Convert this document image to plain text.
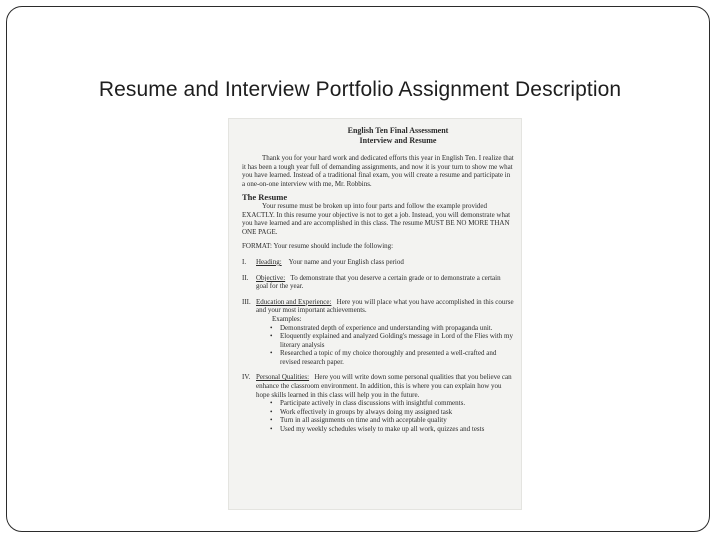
Resume and Interview Portfolio Assignment Description
English Ten Final Assessment
Interview and Resume

Thank you for your hard work and dedicated efforts this year in English Ten. I realize that it has been a tough year full of demanding assignments, and now it is your turn to show me what you have learned. Instead of a traditional final exam, you will create a resume and participate in a one-on-one interview with me, Mr. Robbins.

The Resume

Your resume must be broken up into four parts and follow the example provided EXACTLY. In this resume your objective is not to get a job. Instead, you will demonstrate what you have learned and are accomplished in this class. The resume MUST BE NO MORE THAN ONE PAGE.

FORMAT: Your resume should include the following:
I.	Heading: Your name and your English class period
II.	Objective: To demonstrate that you deserve a certain grade or to demonstrate a certain goal for the year.
III. Education and Experience: Here you will place what you have accomplished in this course and your most important achievements.
Examples:
• Demonstrated depth of experience and understanding with propaganda unit.
• Eloquently explained and analyzed Golding's message in Lord of the Flies with my literary analysis
• Researched a topic of my choice thoroughly and presented a well-crafted and revised research paper.
IV. Personal Qualities: Here you will write down some personal qualities that you believe can enhance the classroom environment. In addition, this is where you can explain how you hope skills learned in this class will help you in the future.
• Participate actively in class discussions with insightful comments.
• Work effectively in groups by always doing my assigned task
• Turn in all assignments on time and with acceptable quality
• Used my weekly schedules wisely to make up all work, quizzes and tests
